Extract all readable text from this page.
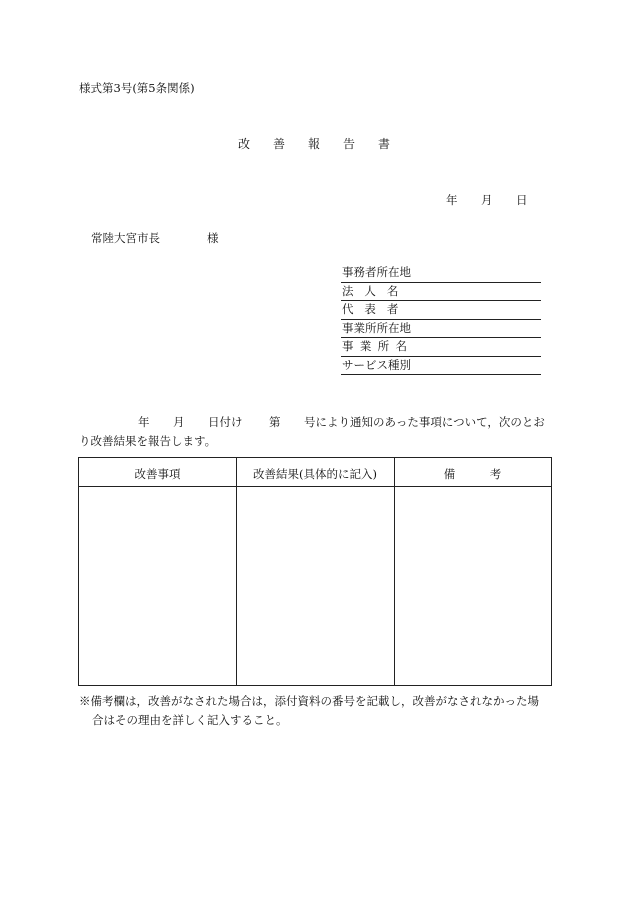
様式第3号(第5条関係)
改 善 報 告 書
年 月 日
常陸大宮市長	様
事務者所在地
法人名
代表者
事業所所在地
事業所名
サービス種別
年 月 日付け 第 号により通知のあった事項について，次のとお
り改善結果を報告します。
改善事項	改善結果(具体的に記入)	備　　　考
※備考欄は，改善がなされた場合は，添付資料の番号を記載し，改善がなされなかった場
合はその理由を詳しく記入すること。
